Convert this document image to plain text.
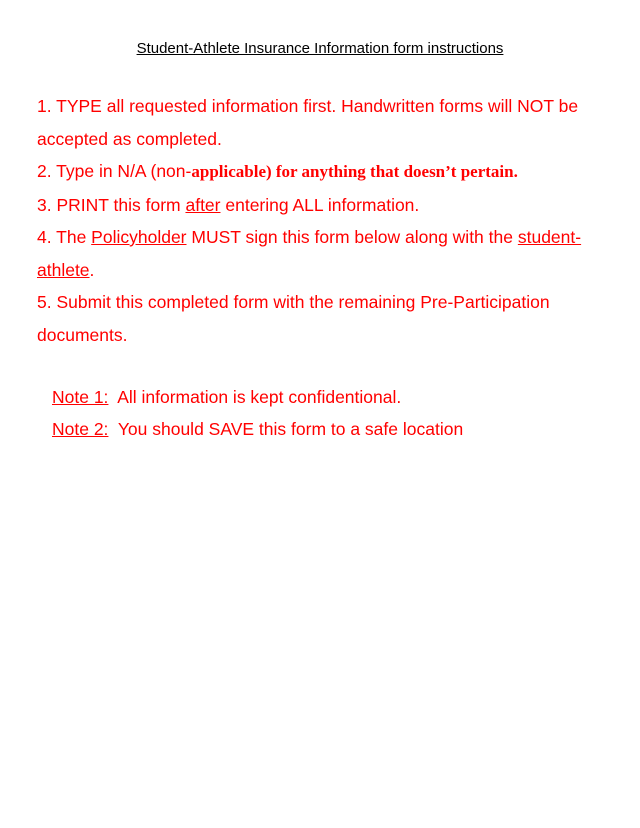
Student-Athlete Insurance Information form instructions

1. TYPE all requested information first. Handwritten forms will NOT be accepted as completed.

2. Type in N/A (non-applicable) for anything that doesn’t pertain.

3. PRINT this form after entering ALL information.

4. The Policyholder MUST sign this form below along with the student-athlete.

5. Submit this completed form with the remaining Pre-Participation documents.

Note 1:  All information is kept confidentional.
Note 2:  You should SAVE this form to a safe location
